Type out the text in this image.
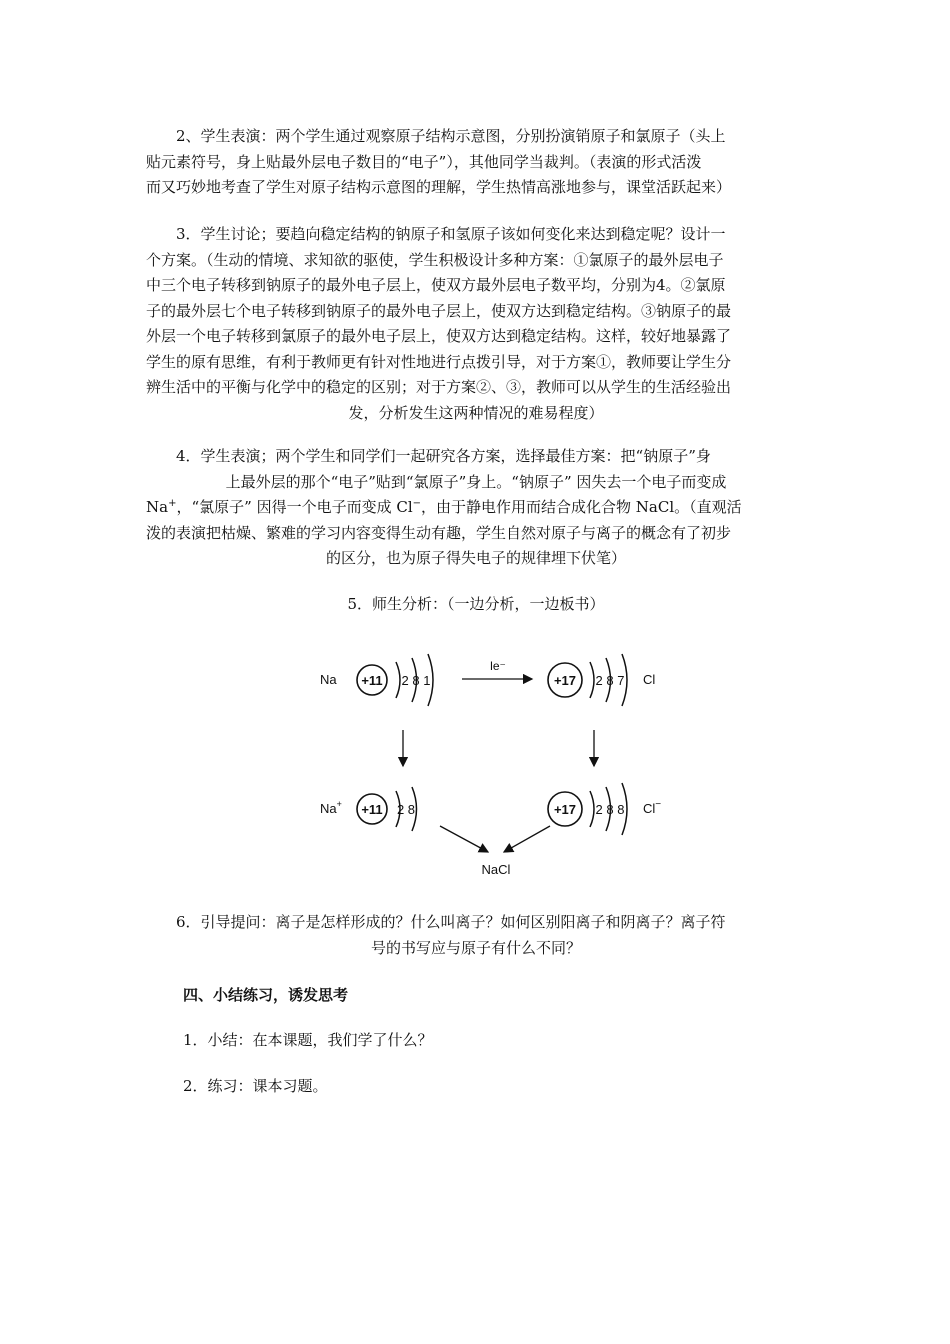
2、学生表演：两个学生通过观察原子结构示意图，分别扮演销原子和氯原子（头上
贴元素符号，身上贴最外层电子数目的“电子”），其他同学当裁判。（表演的形式活泼
而又巧妙地考查了学生对原子结构示意图的理解，学生热情高涨地参与，课堂活跃起来）
3．学生讨论；要趋向稳定结构的钠原子和氢原子该如何变化来达到稳定呢？设计一
个方案。（生动的情境、求知欲的驱使，学生积极设计多种方案：①氯原子的最外层电子
中三个电子转移到钠原子的最外电子层上，使双方最外层电子数平均，分别为4。②氯原
子的最外层七个电子转移到钠原子的最外电子层上，使双方达到稳定结构。③钠原子的最
外层一个电子转移到氯原子的最外电子层上，使双方达到稳定结构。这样，较好地暴露了
学生的原有思维，有利于教师更有针对性地进行点拨引导，对于方案①，教师要让学生分
辨生活中的平衡与化学中的稳定的区别；对于方案②、③，教师可以从学生的生活经验出
发，分析发生这两种情况的难易程度）
4．学生表演；两个学生和同学们一起研究各方案，选择最佳方案：把“钠原子”身
上最外层的那个“电子”贴到“氯原子”身上。“钠原子” 因失去一个电子而变成
Na+，“氯原子” 因得一个电子而变成 Cl−，由于静电作用而结合成化合物 NaCl。（直观活
泼的表演把枯燥、繁难的学习内容变得生动有趣，学生自然对原子与离子的概念有了初步
的区分，也为原子得失电子的规律埋下伏笔）
5．师生分析：（一边分析，一边板书）
Na +11 2 8 1
le⁻
+17 2 8 7 Cl
Na+ +11 2 8	+17 2 8 8 Cl−
NaCl
6．引导提问：离子是怎样形成的？什么叫离子？如何区别阳离子和阴离子？离子符
号的书写应与原子有什么不同？
四、小结练习，诱发思考
1．小结：在本课题，我们学了什么？
2．练习：课本习题。
